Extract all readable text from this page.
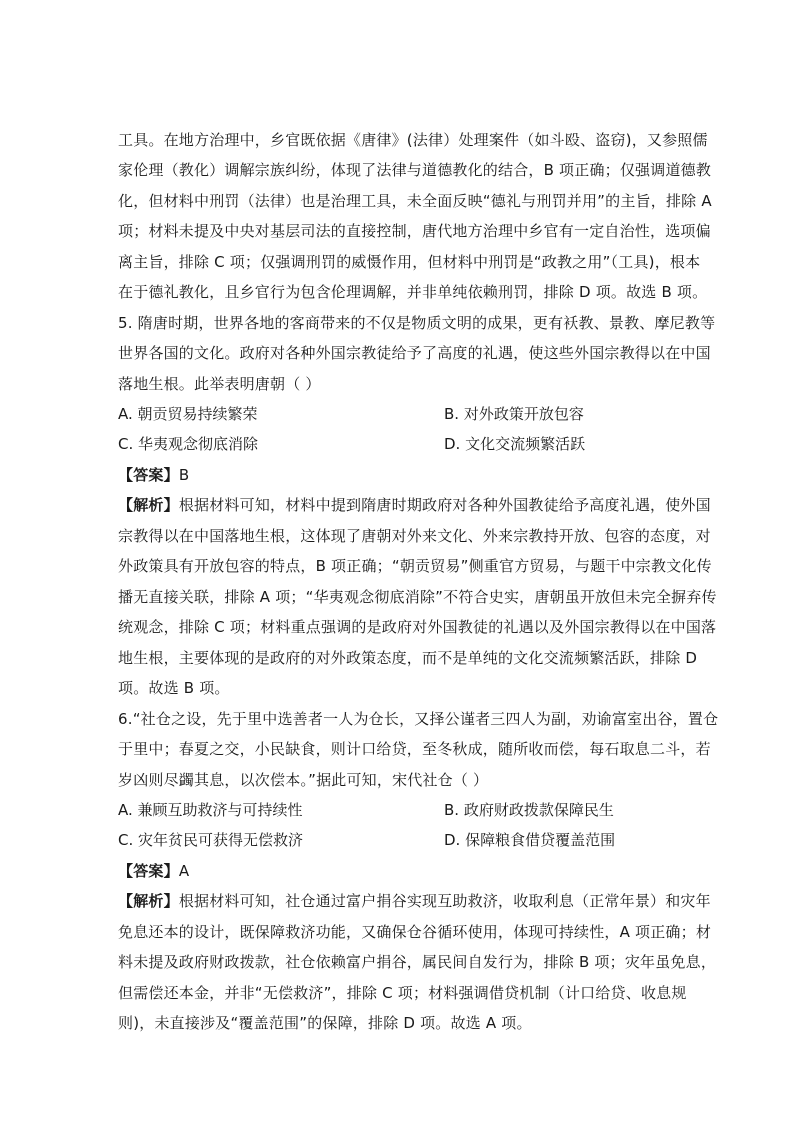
工具。在地方治理中，乡官既依据《唐律》(法律）处理案件（如斗殴、盗窃)，又参照儒
家伦理（教化）调解宗族纠纷，体现了法律与道德教化的结合，B 项正确；仅强调道德教
化，但材料中刑罚（法律）也是治理工具，未全面反映“德礼与刑罚并用”的主旨，排除 A
项；材料未提及中央对基层司法的直接控制，唐代地方治理中乡官有一定自治性，选项偏
离主旨，排除 C 项；仅强调刑罚的威慑作用，但材料中刑罚是“政教之用”（工具)，根本
在于德礼教化，且乡官行为包含伦理调解，并非单纯依赖刑罚，排除 D 项。故选 B 项。
5. 隋唐时期，世界各地的客商带来的不仅是物质文明的成果，更有袄教、景教、摩尼教等
世界各国的文化。政府对各种外国宗教徒给予了高度的礼遇，使这些外国宗教得以在中国
落地生根。此举表明唐朝（ ）
A. 朝贡贸易持续繁荣	B. 对外政策开放包容
C. 华夷观念彻底消除	D. 文化交流频繁活跃
【答案】B
【解析】根据材料可知，材料中提到隋唐时期政府对各种外国教徒给予高度礼遇，使外国
宗教得以在中国落地生根，这体现了唐朝对外来文化、外来宗教持开放、包容的态度，对
外政策具有开放包容的特点，B 项正确；“朝贡贸易”侧重官方贸易，与题干中宗教文化传
播无直接关联，排除 A 项；“华夷观念彻底消除”不符合史实，唐朝虽开放但未完全摒弃传
统观念，排除 C 项；材料重点强调的是政府对外国教徒的礼遇以及外国宗教得以在中国落
地生根，主要体现的是政府的对外政策态度，而不是单纯的文化交流频繁活跃，排除 D
项。故选 B 项。
6.“社仓之设，先于里中选善者一人为仓长，又择公谨者三四人为副，劝谕富室出谷，置仓
于里中；春夏之交，小民缺食，则计口给贷，至冬秋成，随所收而偿，每石取息二斗，若
岁凶则尽蠲其息，以次偿本。”据此可知，宋代社仓（ ）
A. 兼顾互助救济与可持续性	B. 政府财政拨款保障民生
C. 灾年贫民可获得无偿救济	D. 保障粮食借贷覆盖范围
【答案】A
【解析】根据材料可知，社仓通过富户捐谷实现互助救济，收取利息（正常年景）和灾年
免息还本的设计，既保障救济功能，又确保仓谷循环使用，体现可持续性，A 项正确；材
料未提及政府财政拨款，社仓依赖富户捐谷，属民间自发行为，排除 B 项；灾年虽免息，
但需偿还本金，并非“无偿救济”，排除 C 项；材料强调借贷机制（计口给贷、收息规
则)，未直接涉及“覆盖范围”的保障，排除 D 项。故选 A 项。
